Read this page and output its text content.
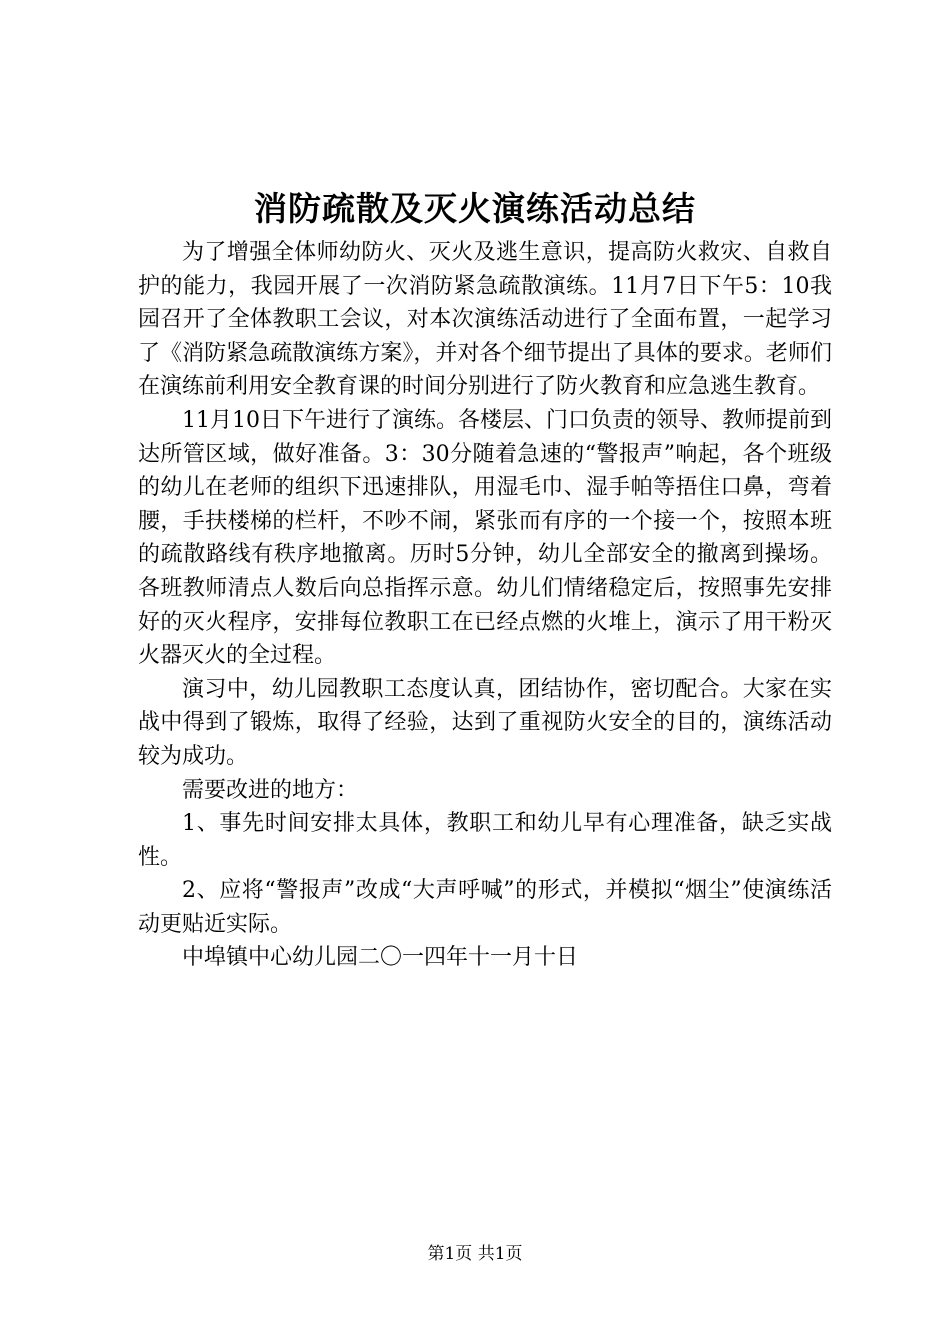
消防疏散及灭火演练活动总结

为了增强全体师幼防火、灭火及逃生意识，提高防火救灾、自救自护的能力，我园开展了一次消防紧急疏散演练。11月7日下午5：10我园召开了全体教职工会议，对本次演练活动进行了全面布置，一起学习了《消防紧急疏散演练方案》，并对各个细节提出了具体的要求。老师们在演练前利用安全教育课的时间分别进行了防火教育和应急逃生教育。

11月10日下午进行了演练。各楼层、门口负责的领导、教师提前到达所管区域，做好准备。3：30分随着急速的“警报声”响起，各个班级的幼儿在老师的组织下迅速排队，用湿毛巾、湿手帕等捂住口鼻，弯着腰，手扶楼梯的栏杆，不吵不闹，紧张而有序的一个接一个，按照本班的疏散路线有秩序地撤离。历时5分钟，幼儿全部安全的撤离到操场。各班教师清点人数后向总指挥示意。幼儿们情绪稳定后，按照事先安排好的灭火程序，安排每位教职工在已经点燃的火堆上，演示了用干粉灭火器灭火的全过程。

演习中，幼儿园教职工态度认真，团结协作，密切配合。大家在实战中得到了锻炼，取得了经验，达到了重视防火安全的目的，演练活动较为成功。

需要改进的地方：

1、事先时间安排太具体，教职工和幼儿早有心理准备，缺乏实战性。

2、应将“警报声”改成“大声呼喊”的形式，并模拟“烟尘”使演练活动更贴近实际。

中埠镇中心幼儿园二〇一四年十一月十日

第1页 共1页
